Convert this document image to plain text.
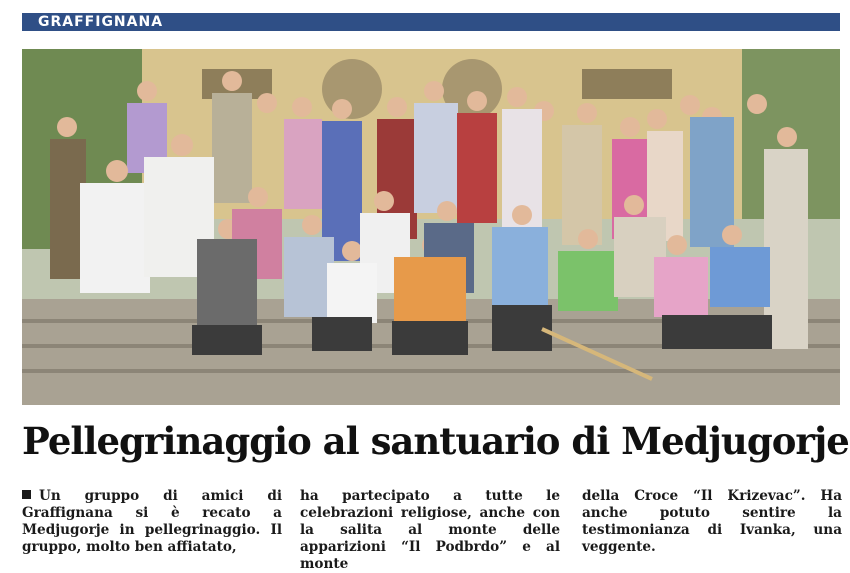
GRAFFIGNANA
Pellegrinaggio al santuario di Medjugorje
Un gruppo di amici di Graffignana si è recato a Medjugorje in pellegrinaggio. Il gruppo, molto ben affiatato,
ha partecipato a tutte le celebrazioni religiose, anche con la salita al monte delle apparizioni “Il Podbrdo” e al monte
della Croce “Il Krizevac”. Ha anche potuto sentire la testimonianza di Ivanka, una veggente.
